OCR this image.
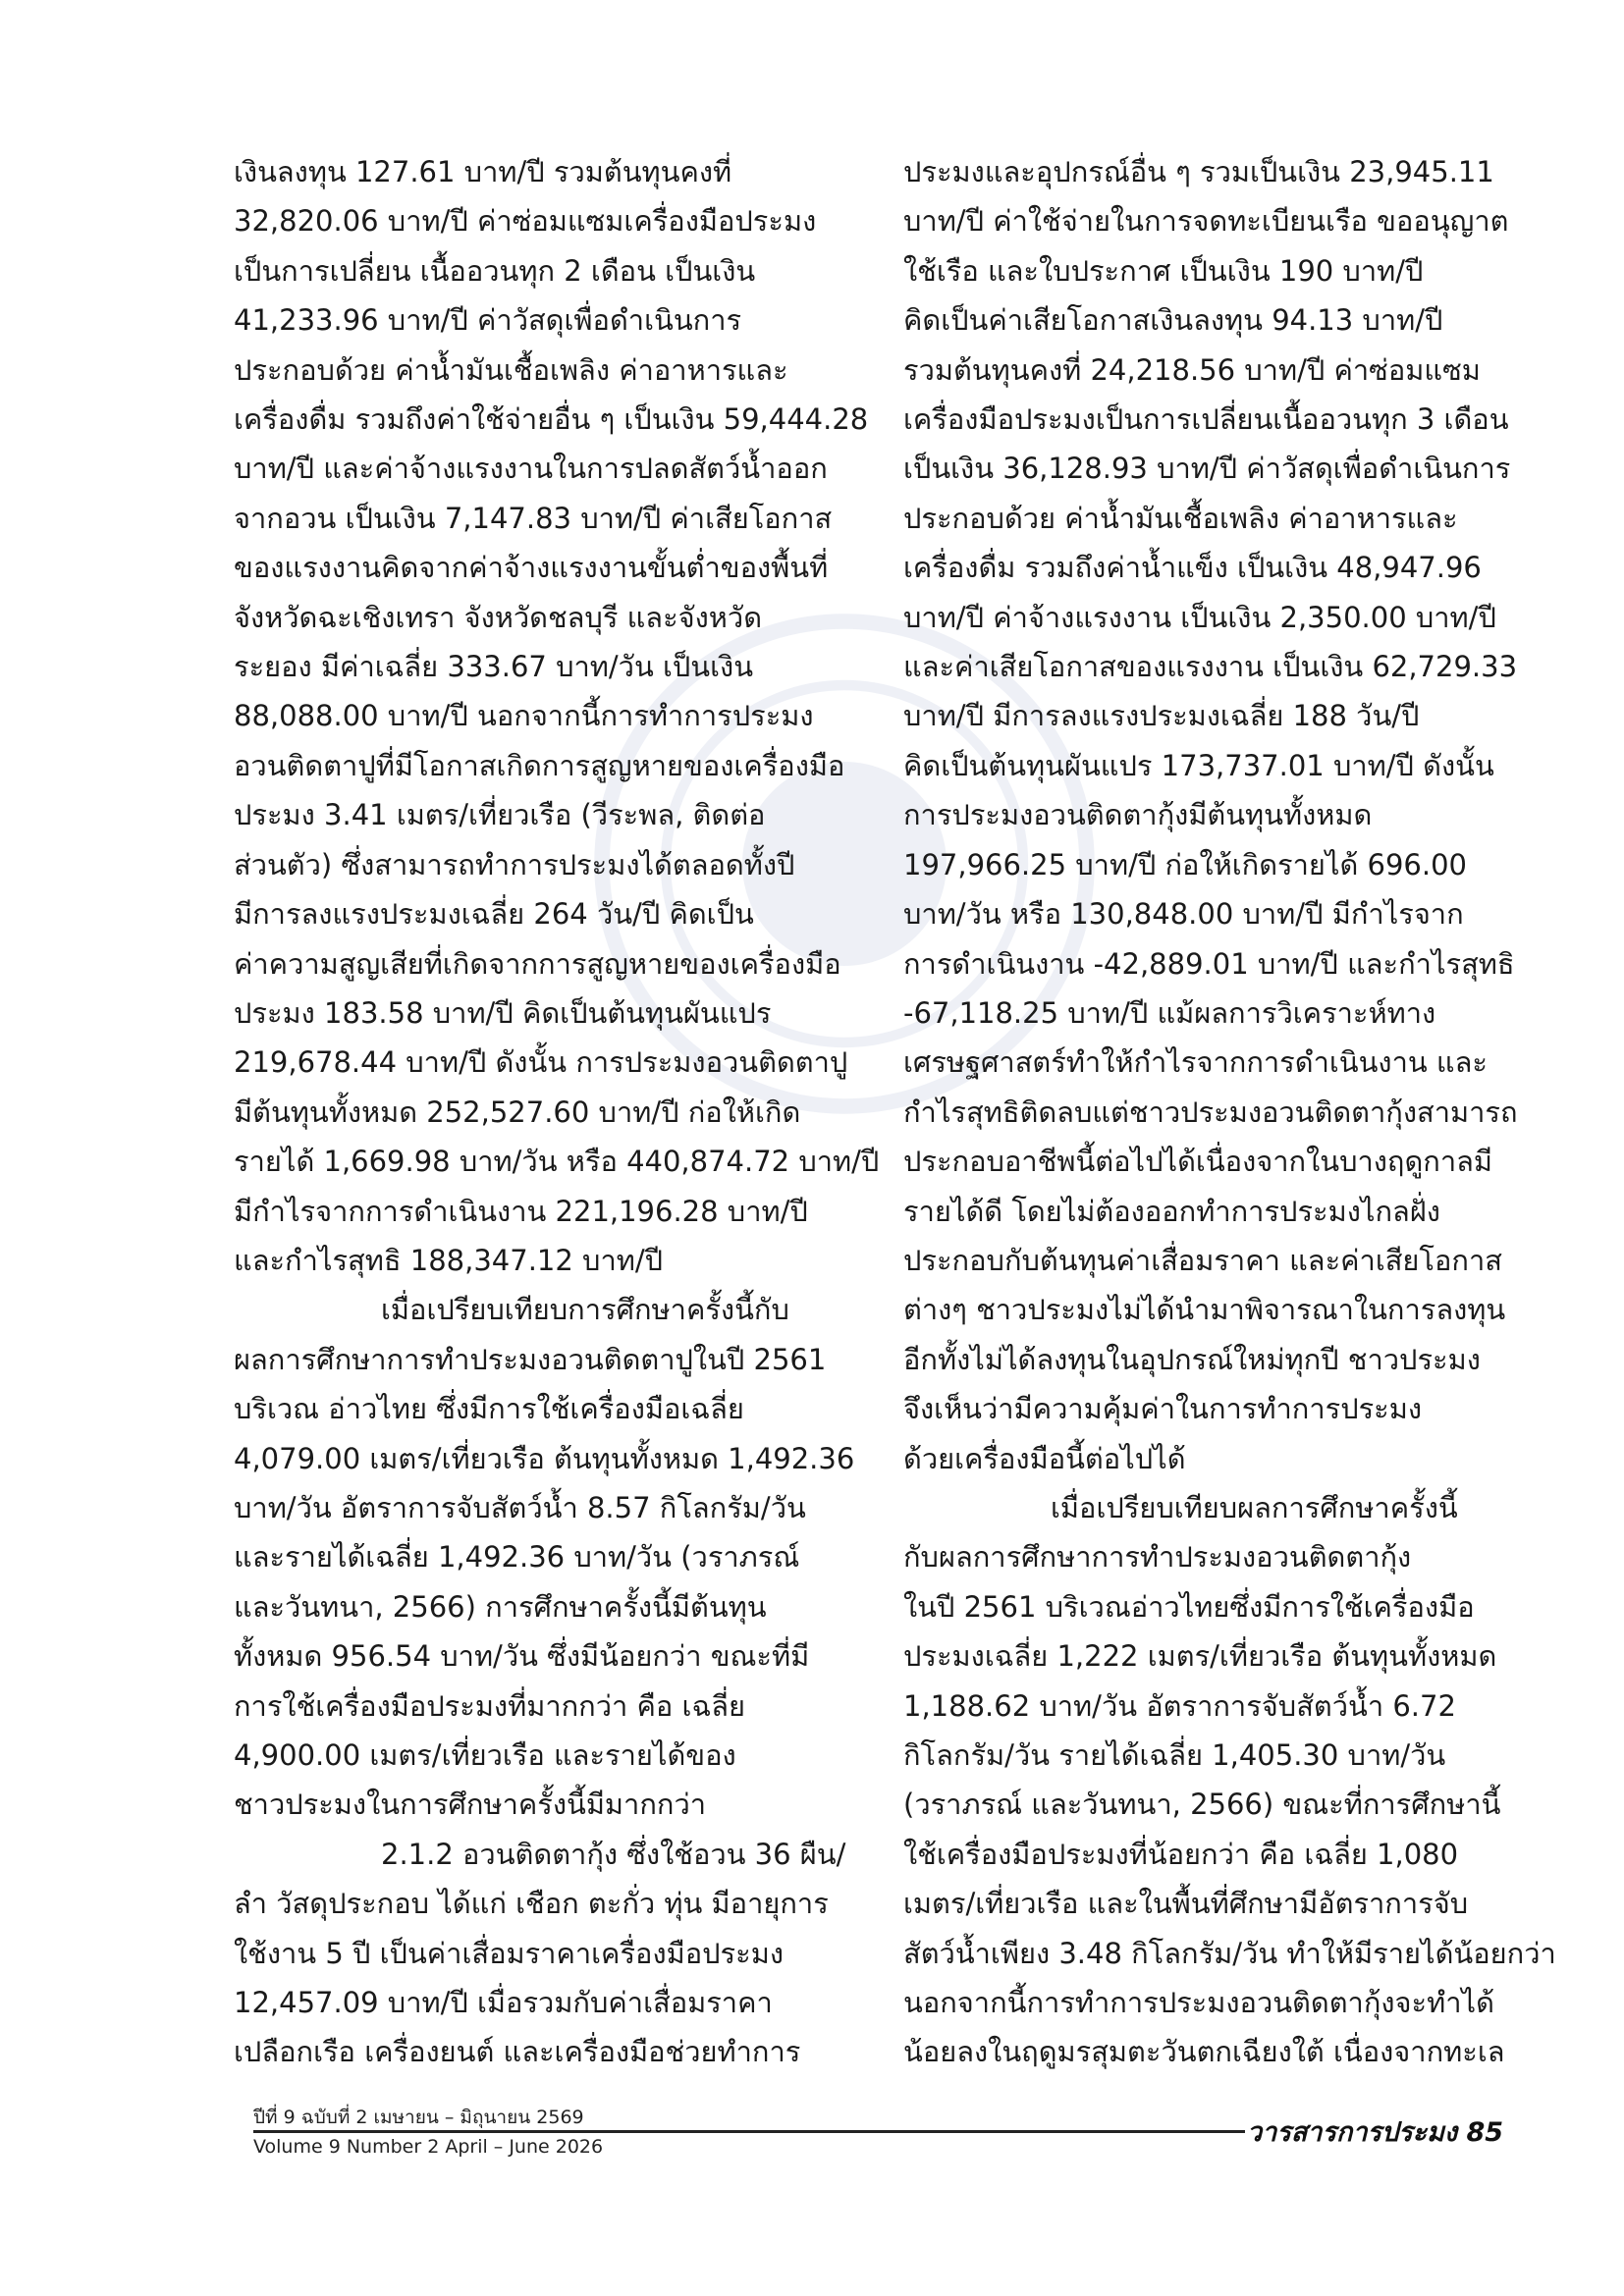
เงินลงทุน 127.61 บาท/ปี รวมต้นทุนคงที่
32,820.06 บาท/ปี ค่าซ่อมแซมเครื่องมือประมง
เป็นการเปลี่ยน เนื้ออวนทุก 2 เดือน เป็นเงิน
41,233.96 บาท/ปี ค่าวัสดุเพื่อดำเนินการ
ประกอบด้วย ค่าน้ำมันเชื้อเพลิง ค่าอาหารและ
เครื่องดื่ม รวมถึงค่าใช้จ่ายอื่น ๆ เป็นเงิน 59,444.28
บาท/ปี และค่าจ้างแรงงานในการปลดสัตว์น้ำออก
จากอวน เป็นเงิน 7,147.83 บาท/ปี ค่าเสียโอกาส
ของแรงงานคิดจากค่าจ้างแรงงานขั้นต่ำของพื้นที่
จังหวัดฉะเชิงเทรา จังหวัดชลบุรี และจังหวัด
ระยอง มีค่าเฉลี่ย 333.67 บาท/วัน เป็นเงิน
88,088.00 บาท/ปี นอกจากนี้การทำการประมง
อวนติดตาปูที่มีโอกาสเกิดการสูญหายของเครื่องมือ
ประมง 3.41 เมตร/เที่ยวเรือ (วีระพล, ติดต่อ
ส่วนตัว) ซึ่งสามารถทำการประมงได้ตลอดทั้งปี
มีการลงแรงประมงเฉลี่ย 264 วัน/ปี คิดเป็น
ค่าความสูญเสียที่เกิดจากการสูญหายของเครื่องมือ
ประมง 183.58 บาท/ปี คิดเป็นต้นทุนผันแปร
219,678.44 บาท/ปี ดังนั้น การประมงอวนติดตาปู
มีต้นทุนทั้งหมด 252,527.60 บาท/ปี ก่อให้เกิด
รายได้ 1,669.98 บาท/วัน หรือ 440,874.72 บาท/ปี
มีกำไรจากการดำเนินงาน 221,196.28 บาท/ปี
และกำไรสุทธิ 188,347.12 บาท/ปี
เมื่อเปรียบเทียบการศึกษาครั้งนี้กับ
ผลการศึกษาการทำประมงอวนติดตาปูในปี 2561
บริเวณ อ่าวไทย ซึ่งมีการใช้เครื่องมือเฉลี่ย
4,079.00 เมตร/เที่ยวเรือ ต้นทุนทั้งหมด 1,492.36
บาท/วัน อัตราการจับสัตว์น้ำ 8.57 กิโลกรัม/วัน
และรายได้เฉลี่ย 1,492.36 บาท/วัน (วราภรณ์
และวันทนา, 2566) การศึกษาครั้งนี้มีต้นทุน
ทั้งหมด 956.54 บาท/วัน ซึ่งมีน้อยกว่า ขณะที่มี
การใช้เครื่องมือประมงที่มากกว่า คือ เฉลี่ย
4,900.00 เมตร/เที่ยวเรือ และรายได้ของ
ชาวประมงในการศึกษาครั้งนี้มีมากกว่า
2.1.2 อวนติดตากุ้ง ซึ่งใช้อวน 36 ผืน/
ลำ วัสดุประกอบ ได้แก่ เชือก ตะกั่ว ทุ่น มีอายุการ
ใช้งาน 5 ปี เป็นค่าเสื่อมราคาเครื่องมือประมง
12,457.09 บาท/ปี เมื่อรวมกับค่าเสื่อมราคา
เปลือกเรือ เครื่องยนต์ และเครื่องมือช่วยทำการ
ประมงและอุปกรณ์อื่น ๆ รวมเป็นเงิน 23,945.11
บาท/ปี ค่าใช้จ่ายในการจดทะเบียนเรือ ขออนุญาต
ใช้เรือ และใบประกาศ เป็นเงิน 190 บาท/ปี
คิดเป็นค่าเสียโอกาสเงินลงทุน 94.13 บาท/ปี
รวมต้นทุนคงที่ 24,218.56 บาท/ปี ค่าซ่อมแซม
เครื่องมือประมงเป็นการเปลี่ยนเนื้ออวนทุก 3 เดือน
เป็นเงิน 36,128.93 บาท/ปี ค่าวัสดุเพื่อดำเนินการ
ประกอบด้วย ค่าน้ำมันเชื้อเพลิง ค่าอาหารและ
เครื่องดื่ม รวมถึงค่าน้ำแข็ง เป็นเงิน 48,947.96
บาท/ปี ค่าจ้างแรงงาน เป็นเงิน 2,350.00 บาท/ปี
และค่าเสียโอกาสของแรงงาน เป็นเงิน 62,729.33
บาท/ปี มีการลงแรงประมงเฉลี่ย 188 วัน/ปี
คิดเป็นต้นทุนผันแปร 173,737.01 บาท/ปี ดังนั้น
การประมงอวนติดตากุ้งมีต้นทุนทั้งหมด
197,966.25 บาท/ปี ก่อให้เกิดรายได้ 696.00
บาท/วัน หรือ 130,848.00 บาท/ปี มีกำไรจาก
การดำเนินงาน -42,889.01 บาท/ปี และกำไรสุทธิ
-67,118.25 บาท/ปี แม้ผลการวิเคราะห์ทาง
เศรษฐศาสตร์ทำให้กำไรจากการดำเนินงาน และ
กำไรสุทธิติดลบแต่ชาวประมงอวนติดตากุ้งสามารถ
ประกอบอาชีพนี้ต่อไปได้เนื่องจากในบางฤดูกาลมี
รายได้ดี โดยไม่ต้องออกทำการประมงไกลฝั่ง
ประกอบกับต้นทุนค่าเสื่อมราคา และค่าเสียโอกาส
ต่างๆ ชาวประมงไม่ได้นำมาพิจารณาในการลงทุน
อีกทั้งไม่ได้ลงทุนในอุปกรณ์ใหม่ทุกปี ชาวประมง
จึงเห็นว่ามีความคุ้มค่าในการทำการประมง
ด้วยเครื่องมือนี้ต่อไปได้
เมื่อเปรียบเทียบผลการศึกษาครั้งนี้
กับผลการศึกษาการทำประมงอวนติดตากุ้ง
ในปี 2561 บริเวณอ่าวไทยซึ่งมีการใช้เครื่องมือ
ประมงเฉลี่ย 1,222 เมตร/เที่ยวเรือ ต้นทุนทั้งหมด
1,188.62 บาท/วัน อัตราการจับสัตว์น้ำ 6.72
กิโลกรัม/วัน รายได้เฉลี่ย 1,405.30 บาท/วัน
(วราภรณ์ และวันทนา, 2566) ขณะที่การศึกษานี้
ใช้เครื่องมือประมงที่น้อยกว่า คือ เฉลี่ย 1,080
เมตร/เที่ยวเรือ และในพื้นที่ศึกษามีอัตราการจับ
สัตว์น้ำเพียง 3.48 กิโลกรัม/วัน ทำให้มีรายได้น้อยกว่า
นอกจากนี้การทำการประมงอวนติดตากุ้งจะทำได้
น้อยลงในฤดูมรสุมตะวันตกเฉียงใต้ เนื่องจากทะเล
ปีที่ 9 ฉบับที่ 2 เมษายน – มิถุนายน 2569
Volume 9 Number 2 April – June 2026	วารสารการประมง 85
